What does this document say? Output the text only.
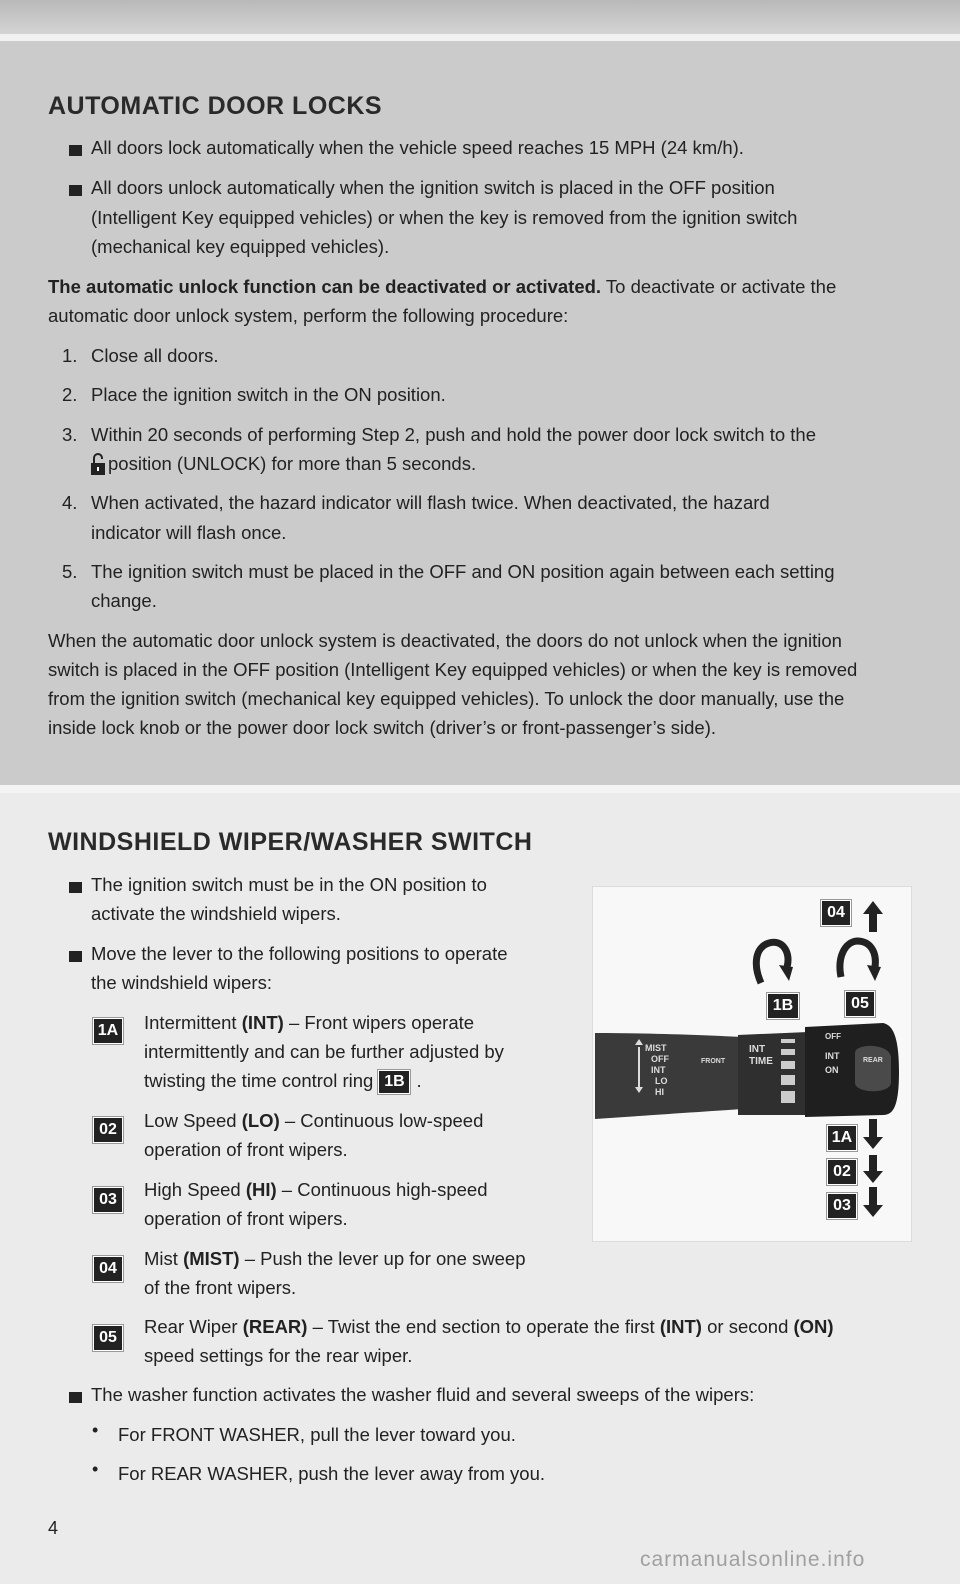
AUTOMATIC DOOR LOCKS

All doors lock automatically when the vehicle speed reaches 15 MPH (24 km/h).

All doors unlock automatically when the ignition switch is placed in the OFF position

(Intelligent Key equipped vehicles) or when the key is removed from the ignition switch

(mechanical key equipped vehicles).

The automatic unlock function can be deactivated or activated. To deactivate or activate the

automatic door unlock system, perform the following procedure:

1. Close all doors.

2. Place the ignition switch in the ON position.

3. Within 20 seconds of performing Step 2, push and hold the power door lock switch to the

position (UNLOCK) for more than 5 seconds.

4. When activated, the hazard indicator will flash twice. When deactivated, the hazard

indicator will flash once.

5. The ignition switch must be placed in the OFF and ON position again between each setting

change.

When the automatic door unlock system is deactivated, the doors do not unlock when the ignition

switch is placed in the OFF position (Intelligent Key equipped vehicles) or when the key is removed

from the ignition switch (mechanical key equipped vehicles). To unlock the door manually, use the

inside lock knob or the power door lock switch (driver’s or front-passenger’s side).

WINDSHIELD WIPER/WASHER SWITCH

The ignition switch must be in the ON position to

activate the windshield wipers.

Move the lever to the following positions to operate

the windshield wipers:

1A Intermittent (INT) – Front wipers operate

intermittently and can be further adjusted by

twisting the time control ring 1B .

02	Low Speed (LO) – Continuous low-speed

operation of front wipers.

03	High Speed (HI) – Continuous high-speed

operation of front wipers.

04	Mist (MIST) – Push the lever up for one sweep

of the front wipers.

05

Rear Wiper (REAR) – Twist the end section to operate the first (INT) or second (ON)

speed settings for the rear wiper.

The washer function activates the washer fluid and several sweeps of the wipers:

• For FRONT WASHER, pull the lever toward you.

• For REAR WASHER, push the lever away from you.

MIST
OFF
INT
LO
HI
FRONT
INT
TIME
OFF
INT
ON
REAR
04
1B	05
1A
02
03
4
carmanualsonline.info
